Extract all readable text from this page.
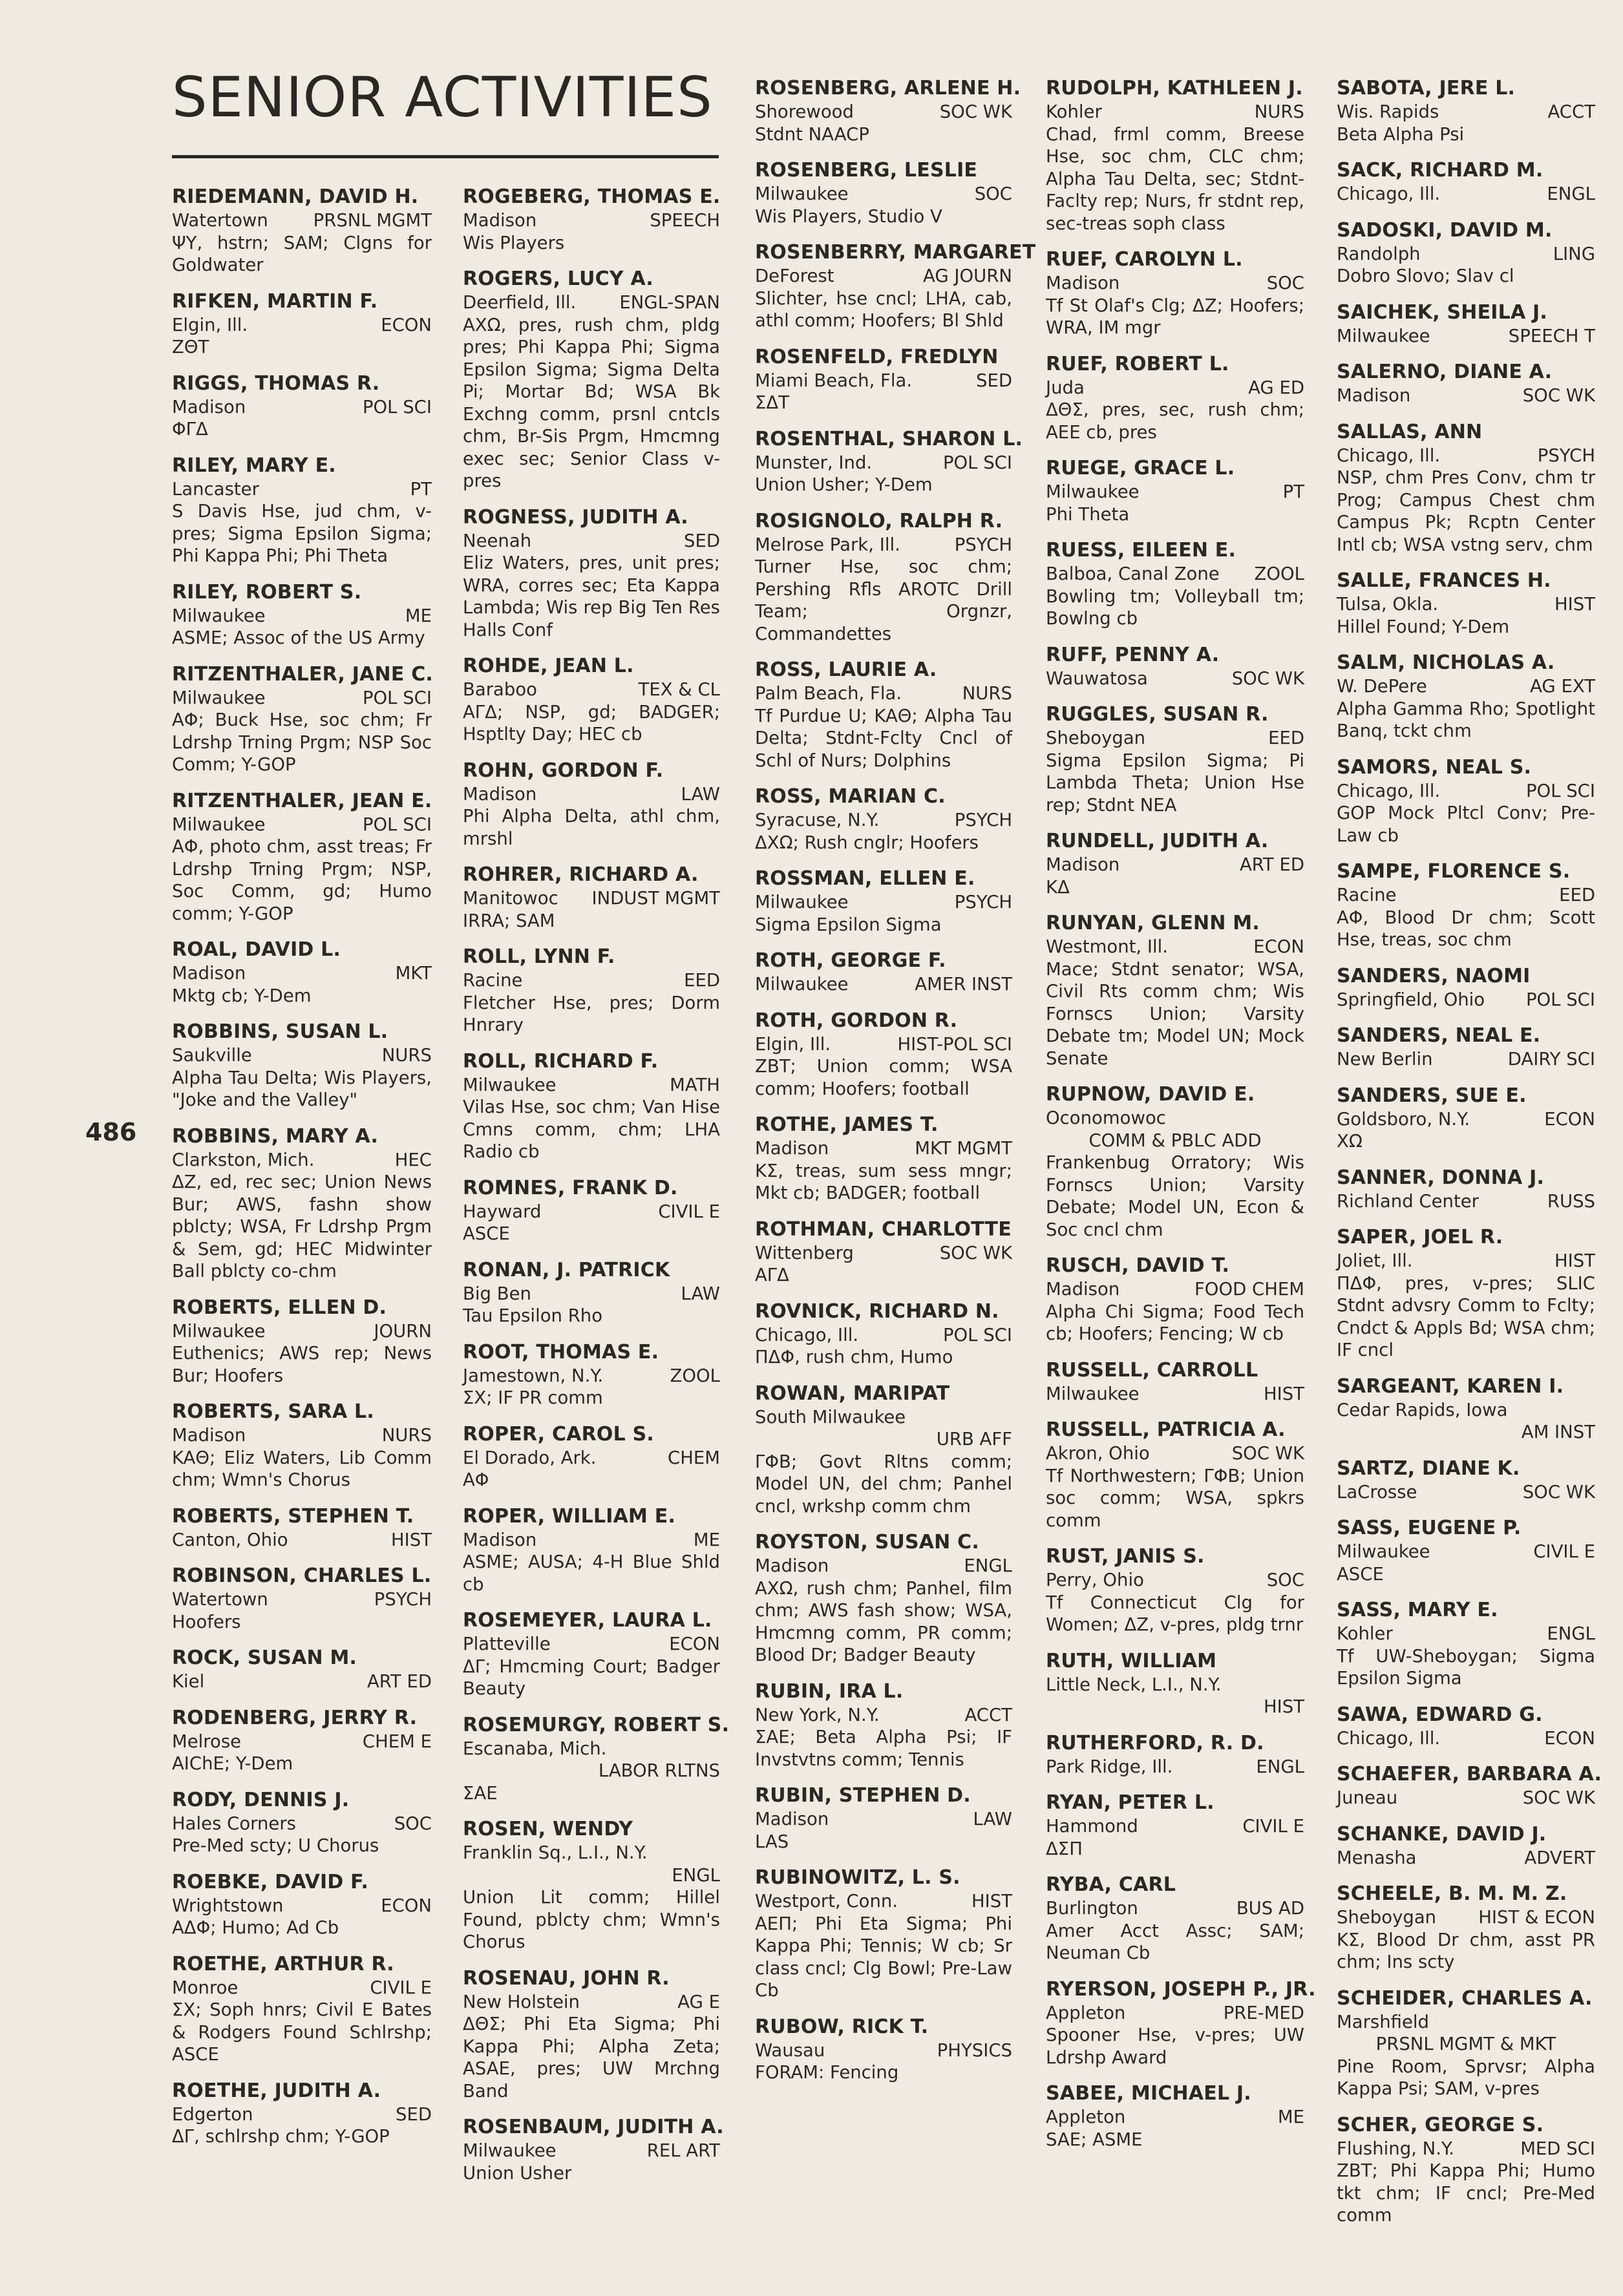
SENIOR ACTIVITIES
486
RIEDEMANN, DAVID H.
Watertown	PRSNL MGMT
ΨΥ, hstrn; SAM; Clgns for Goldwater
RIFKEN, MARTIN F.
Elgin, Ill.	ECON
ZΘT
RIGGS, THOMAS R.
Madison	POL SCI
ΦΓΔ
RILEY, MARY E.
Lancaster	PT
S Davis Hse, jud chm, v-pres; Sigma Epsilon Sigma; Phi Kappa Phi; Phi Theta
RILEY, ROBERT S.
Milwaukee	ME
ASME; Assoc of the US Army
RITZENTHALER, JANE C.
Milwaukee	POL SCI
AΦ; Buck Hse, soc chm; Fr Ldrshp Trning Prgm; NSP Soc Comm; Y-GOP
RITZENTHALER, JEAN E.
Milwaukee	POL SCI
AΦ, photo chm, asst treas; Fr Ldrshp Trning Prgm; NSP, Soc Comm, gd; Humo comm; Y-GOP
ROAL, DAVID L.
Madison	MKT
Mktg cb; Y-Dem
ROBBINS, SUSAN L.
Saukville	NURS
Alpha Tau Delta; Wis Players, "Joke and the Valley"
ROBBINS, MARY A.
Clarkston, Mich.	HEC
ΔZ, ed, rec sec; Union News Bur; AWS, fashn show pblcty; WSA, Fr Ldrshp Prgm & Sem, gd; HEC Midwinter Ball pblcty co-chm
ROBERTS, ELLEN D.
Milwaukee	JOURN
Euthenics; AWS rep; News Bur; Hoofers
ROBERTS, SARA L.
Madison	NURS
KAΘ; Eliz Waters, Lib Comm chm; Wmn's Chorus
ROBERTS, STEPHEN T.
Canton, Ohio	HIST
ROBINSON, CHARLES L.
Watertown	PSYCH
Hoofers
ROCK, SUSAN M.
Kiel	ART ED
RODENBERG, JERRY R.
Melrose	CHEM E
AIChE; Y-Dem
RODY, DENNIS J.
Hales Corners	SOC
Pre-Med scty; U Chorus
ROEBKE, DAVID F.
Wrightstown	ECON
AΔΦ; Humo; Ad Cb
ROETHE, ARTHUR R.
Monroe	CIVIL E
ΣX; Soph hnrs; Civil E Bates & Rodgers Found Schlrshp; ASCE
ROETHE, JUDITH A.
Edgerton	SED
ΔΓ, schlrshp chm; Y-GOP
ROGEBERG, THOMAS E.
Madison	SPEECH
Wis Players
ROGERS, LUCY A.
Deerfield, Ill. ENGL-SPAN
AXΩ, pres, rush chm, pldg pres; Phi Kappa Phi; Sigma Epsilon Sigma; Sigma Delta Pi; Mortar Bd; WSA Bk Exchng comm, prsnl cntcls chm, Br-Sis Prgm, Hmcmng exec sec; Senior Class v-pres
ROGNESS, JUDITH A.
Neenah	SED
Eliz Waters, pres, unit pres; WRA, corres sec; Eta Kappa Lambda; Wis rep Big Ten Res Halls Conf
ROHDE, JEAN L.
Baraboo	TEX & CL
AΓΔ; NSP, gd; BADGER; Hsptlty Day; HEC cb
ROHN, GORDON F.
Madison	LAW
Phi Alpha Delta, athl chm, mrshl
ROHRER, RICHARD A.
Manitowoc INDUST MGMT
IRRA; SAM
ROLL, LYNN F.
Racine	EED
Fletcher Hse, pres; Dorm Hnrary
ROLL, RICHARD F.
Milwaukee	MATH
Vilas Hse, soc chm; Van Hise Cmns comm, chm; LHA Radio cb
ROMNES, FRANK D.
Hayward	CIVIL E
ASCE
RONAN, J. PATRICK
Big Ben	LAW
Tau Epsilon Rho
ROOT, THOMAS E.
Jamestown, N.Y.	ZOOL
ΣX; IF PR comm
ROPER, CAROL S.
El Dorado, Ark.	CHEM
AΦ
ROPER, WILLIAM E.
Madison	ME
ASME; AUSA; 4-H Blue Shld cb
ROSEMEYER, LAURA L.
Platteville	ECON
ΔΓ; Hmcming Court; Badger Beauty
ROSEMURGY, ROBERT S.
Escanaba, Mich.
LABOR RLTNS
ΣAE
ROSEN, WENDY
Franklin Sq., L.I., N.Y.
ENGL
Union Lit comm; Hillel Found, pblcty chm; Wmn's Chorus
ROSENAU, JOHN R.
New Holstein	AG E
ΔΘΣ; Phi Eta Sigma; Phi Kappa Phi; Alpha Zeta; ASAE, pres; UW Mrchng Band
ROSENBAUM, JUDITH A.
Milwaukee	REL ART
Union Usher
ROSENBERG, ARLENE H.
Shorewood	SOC WK
Stdnt NAACP
ROSENBERG, LESLIE
Milwaukee	SOC
Wis Players, Studio V
ROSENBERRY, MARGARET
DeForest	AG JOURN
Slichter, hse cncl; LHA, cab, athl comm; Hoofers; Bl Shld
ROSENFELD, FREDLYN
Miami Beach, Fla.	SED
ΣΔT
ROSENTHAL, SHARON L.
Munster, Ind.	POL SCI
Union Usher; Y-Dem
ROSIGNOLO, RALPH R.
Melrose Park, Ill.	PSYCH
Turner Hse, soc chm; Pershing Rfls AROTC Drill Team; Orgnzr, Commandettes
ROSS, LAURIE A.
Palm Beach, Fla.	NURS
Tf Purdue U; KAΘ; Alpha Tau Delta; Stdnt-Fclty Cncl of Schl of Nurs; Dolphins
ROSS, MARIAN C.
Syracuse, N.Y.	PSYCH
ΔXΩ; Rush cnglr; Hoofers
ROSSMAN, ELLEN E.
Milwaukee	PSYCH
Sigma Epsilon Sigma
ROTH, GEORGE F.
Milwaukee	AMER INST
ROTH, GORDON R.
Elgin, Ill.	HIST-POL SCI
ZBT; Union comm; WSA comm; Hoofers; football
ROTHE, JAMES T.
Madison	MKT MGMT
KΣ, treas, sum sess mngr; Mkt cb; BADGER; football
ROTHMAN, CHARLOTTE
Wittenberg	SOC WK
AΓΔ
ROVNICK, RICHARD N.
Chicago, Ill.	POL SCI
ΠΔΦ, rush chm, Humo
ROWAN, MARIPAT
South Milwaukee
URB AFF
ΓΦB; Govt Rltns comm; Model UN, del chm; Panhel cncl, wrkshp comm chm
ROYSTON, SUSAN C.
Madison	ENGL
AXΩ, rush chm; Panhel, film chm; AWS fash show; WSA, Hmcmng comm, PR comm; Blood Dr; Badger Beauty
RUBIN, IRA L.
New York, N.Y.	ACCT
ΣAE; Beta Alpha Psi; IF Invstvtns comm; Tennis
RUBIN, STEPHEN D.
Madison	LAW
LAS
RUBINOWITZ, L. S.
Westport, Conn.	HIST
AEΠ; Phi Eta Sigma; Phi Kappa Phi; Tennis; W cb; Sr class cncl; Clg Bowl; Pre-Law Cb
RUBOW, RICK T.
Wausau	PHYSICS
FORAM: Fencing
RUDOLPH, KATHLEEN J.
Kohler	NURS
Chad, frml comm, Breese Hse, soc chm, CLC chm; Alpha Tau Delta, sec; Stdnt-Faclty rep; Nurs, fr stdnt rep, sec-treas soph class
RUEF, CAROLYN L.
Madison	SOC
Tf St Olaf's Clg; ΔZ; Hoofers; WRA, IM mgr
RUEF, ROBERT L.
Juda	AG ED
ΔΘΣ, pres, sec, rush chm; AEE cb, pres
RUEGE, GRACE L.
Milwaukee	PT
Phi Theta
RUESS, EILEEN E.
Balboa, Canal Zone ZOOL
Bowling tm; Volleyball tm; Bowlng cb
RUFF, PENNY A.
Wauwatosa	SOC WK
RUGGLES, SUSAN R.
Sheboygan	EED
Sigma Epsilon Sigma; Pi Lambda Theta; Union Hse rep; Stdnt NEA
RUNDELL, JUDITH A.
Madison	ART ED
KΔ
RUNYAN, GLENN M.
Westmont, Ill.	ECON
Mace; Stdnt senator; WSA, Civil Rts comm chm; Wis Fornscs Union; Varsity Debate tm; Model UN; Mock Senate
RUPNOW, DAVID E.
Oconomowoc
COMM & PBLC ADD
Frankenbug Orratory; Wis Fornscs Union; Varsity Debate; Model UN, Econ & Soc cncl chm
RUSCH, DAVID T.
Madison	FOOD CHEM
Alpha Chi Sigma; Food Tech cb; Hoofers; Fencing; W cb
RUSSELL, CARROLL
Milwaukee	HIST
RUSSELL, PATRICIA A.
Akron, Ohio	SOC WK
Tf Northwestern; ΓΦB; Union soc comm; WSA, spkrs comm
RUST, JANIS S.
Perry, Ohio	SOC
Tf Connecticut Clg for Women; ΔZ, v-pres, pldg trnr
RUTH, WILLIAM
Little Neck, L.I., N.Y.
HIST
RUTHERFORD, R. D.
Park Ridge, Ill.	ENGL
RYAN, PETER L.
Hammond	CIVIL E
ΔΣΠ
RYBA, CARL
Burlington	BUS AD
Amer Acct Assc; SAM; Neuman Cb
RYERSON, JOSEPH P., JR.
Appleton	PRE-MED
Spooner Hse, v-pres; UW Ldrshp Award
SABEE, MICHAEL J.
Appleton	ME
SAE; ASME
SABOTA, JERE L.
Wis. Rapids	ACCT
Beta Alpha Psi
SACK, RICHARD M.
Chicago, Ill.	ENGL
SADOSKI, DAVID M.
Randolph	LING
Dobro Slovo; Slav cl
SAICHEK, SHEILA J.
Milwaukee	SPEECH T
SALERNO, DIANE A.
Madison	SOC WK
SALLAS, ANN
Chicago, Ill.	PSYCH
NSP, chm Pres Conv, chm tr Prog; Campus Chest chm Campus Pk; Rcptn Center Intl cb; WSA vstng serv, chm
SALLE, FRANCES H.
Tulsa, Okla.	HIST
Hillel Found; Y-Dem
SALM, NICHOLAS A.
W. DePere	AG EXT
Alpha Gamma Rho; Spotlight Banq, tckt chm
SAMORS, NEAL S.
Chicago, Ill.	POL SCI
GOP Mock Pltcl Conv; Pre-Law cb
SAMPE, FLORENCE S.
Racine	EED
AΦ, Blood Dr chm; Scott Hse, treas, soc chm
SANDERS, NAOMI
Springfield, Ohio POL SCI
SANDERS, NEAL E.
New Berlin	DAIRY SCI
SANDERS, SUE E.
Goldsboro, N.Y.	ECON
XΩ
SANNER, DONNA J.
Richland Center	RUSS
SAPER, JOEL R.
Joliet, Ill.	HIST
ΠΔΦ, pres, v-pres; SLIC Stdnt advsry Comm to Fclty; Cndct & Appls Bd; WSA chm; IF cncl
SARGEANT, KAREN I.
Cedar Rapids, Iowa
AM INST
SARTZ, DIANE K.
LaCrosse	SOC WK
SASS, EUGENE P.
Milwaukee	CIVIL E
ASCE
SASS, MARY E.
Kohler	ENGL
Tf UW-Sheboygan; Sigma Epsilon Sigma
SAWA, EDWARD G.
Chicago, Ill.	ECON
SCHAEFER, BARBARA A.
Juneau	SOC WK
SCHANKE, DAVID J.
Menasha	ADVERT
SCHEELE, B. M. M. Z.
Sheboygan HIST & ECON
KΣ, Blood Dr chm, asst PR chm; Ins scty
SCHEIDER, CHARLES A.
Marshfield
PRSNL MGMT & MKT
Pine Room, Sprvsr; Alpha Kappa Psi; SAM, v-pres
SCHER, GEORGE S.
Flushing, N.Y.	MED SCI
ZBT; Phi Kappa Phi; Humo tkt chm; IF cncl; Pre-Med comm
